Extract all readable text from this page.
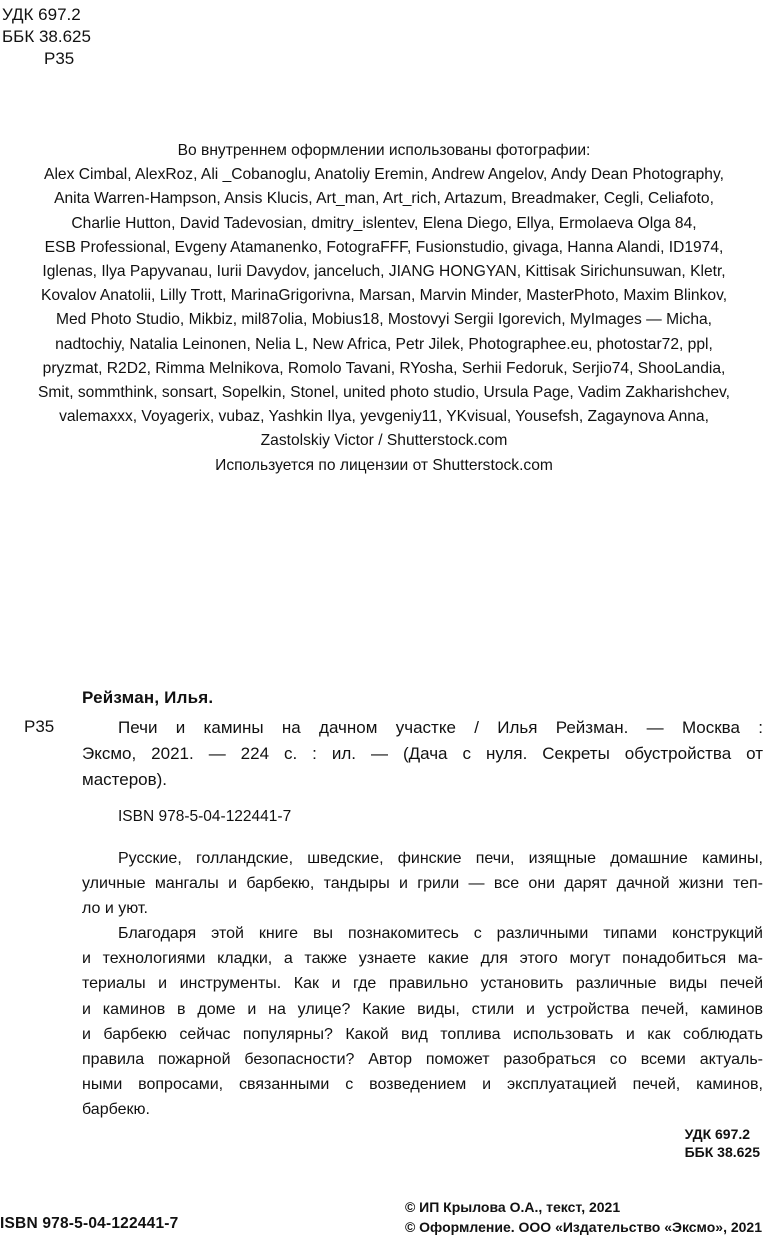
УДК 697.2
ББК 38.625
Р35
Во внутреннем оформлении использованы фотографии:
Alex Cimbal, AlexRoz, Ali _Cobanoglu, Anatoliy Eremin, Andrew Angelov, Andy Dean Photography,
Anita Warren-Hampson, Ansis Klucis, Art_man, Art_rich, Artazum, Breadmaker, Cegli, Celiafoto,
Charlie Hutton, David Tadevosian, dmitry_islentev, Elena Diego, Ellya, Ermolaeva Olga 84,
ESB Professional, Evgeny Atamanenko, FotograFFF, Fusionstudio, givaga, Hanna Alandi, ID1974,
Iglenas, Ilya Papyvanau, Iurii Davydov, janceluch, JIANG HONGYAN, Kittisak Sirichunsuwan, Kletr,
Kovalov Anatolii, Lilly Trott, MarinaGrigorivna, Marsan, Marvin Minder, MasterPhoto, Maxim Blinkov,
Med Photo Studio, Mikbiz, mil87olia, Mobius18, Mostovyi Sergii Igorevich, MyImages — Micha,
nadtochiy, Natalia Leinonen, Nelia L, New Africa, Petr Jilek, Photographee.eu, photostar72, ppl,
pryzmat, R2D2, Rimma Melnikova, Romolo Tavani, RYosha, Serhii Fedoruk, Serjio74, ShooLandia,
Smit, sommthink, sonsart, Sopelkin, Stonel, united photo studio, Ursula Page, Vadim Zakharishchev,
valemaxxx, Voyagerix, vubaz, Yashkin Ilya, yevgeniy11, YKvisual, Yousefsh, Zagaynova Anna,
Zastolskiy Victor / Shutterstock.com
Используется по лицензии от Shutterstock.com
Рейзман, Илья.
Р35	Печи и камины на дачном участке / Илья Рейзман. — Москва :
Эксмо, 2021. — 224 с. : ил. — (Дача с нуля. Секреты обустройства от
мастеров).
ISBN 978-5-04-122441-7
Русские, голландские, шведские, финские печи, изящные домашние камины,
уличные мангалы и барбекю, тандыры и грили — все они дарят дачной жизни теп-
ло и уют.
Благодаря этой книге вы познакомитесь с различными типами конструкций
и технологиями кладки, а также узнаете какие для этого могут понадобиться ма-
териалы и инструменты. Как и где правильно установить различные виды печей
и каминов в доме и на улице? Какие виды, стили и устройства печей, каминов
и барбекю сейчас популярны? Какой вид топлива использовать и как соблюдать
правила пожарной безопасности? Автор поможет разобраться со всеми актуаль-
ными вопросами, связанными с возведением и эксплуатацией печей, каминов,
барбекю.
УДК 697.2
ББК 38.625
ISBN 978-5-04-122441-7
© ИП Крылова О.А., текст, 2021
© Оформление. ООО «Издательство «Эксмо», 2021
